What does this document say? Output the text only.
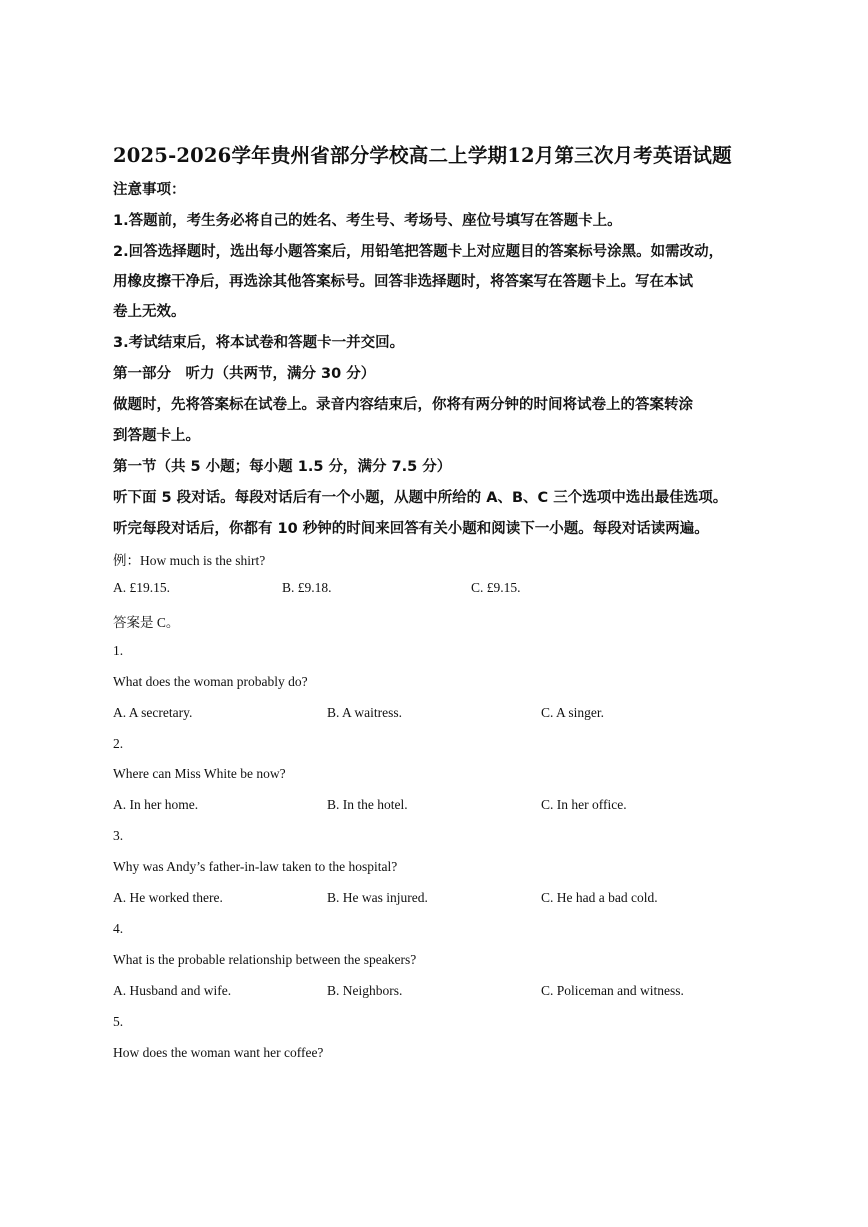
2025-2026学年贵州省部分学校高二上学期12月第三次月考英语试题
注意事项：
1.答题前，考生务必将自己的姓名、考生号、考场号、座位号填写在答题卡上。
2.回答选择题时，选出每小题答案后，用铅笔把答题卡上对应题目的答案标号涂黑。如需改动，
用橡皮擦干净后，再选涂其他答案标号。回答非选择题时，将答案写在答题卡上。写在本试
卷上无效。
3.考试结束后，将本试卷和答题卡一并交回。
第一部分　听力（共两节，满分 30 分）
做题时，先将答案标在试卷上。录音内容结束后，你将有两分钟的时间将试卷上的答案转涂
到答题卡上。
第一节（共 5 小题；每小题 1.5 分，满分 7.5 分）
听下面 5 段对话。每段对话后有一个小题，从题中所给的 A、B、C 三个选项中选出最佳选项。
听完每段对话后，你都有 10 秒钟的时间来回答有关小题和阅读下一小题。每段对话读两遍。
例：How much is the shirt?
A. £19.15.	B. £9.18.	C. £9.15.
答案是 C。
1.
What does the woman probably do?
A. A secretary.	B. A waitress.	C. A singer.
2.
Where can Miss White be now?
A. In her home.	B. In the hotel.	C. In her office.
3.
Why was Andy’s father-in-law taken to the hospital?
A. He worked there.	B. He was injured.	C. He had a bad cold.
4.
What is the probable relationship between the speakers?
A. Husband and wife.	B. Neighbors.	C. Policeman and witness.
5.
How does the woman want her coffee?
